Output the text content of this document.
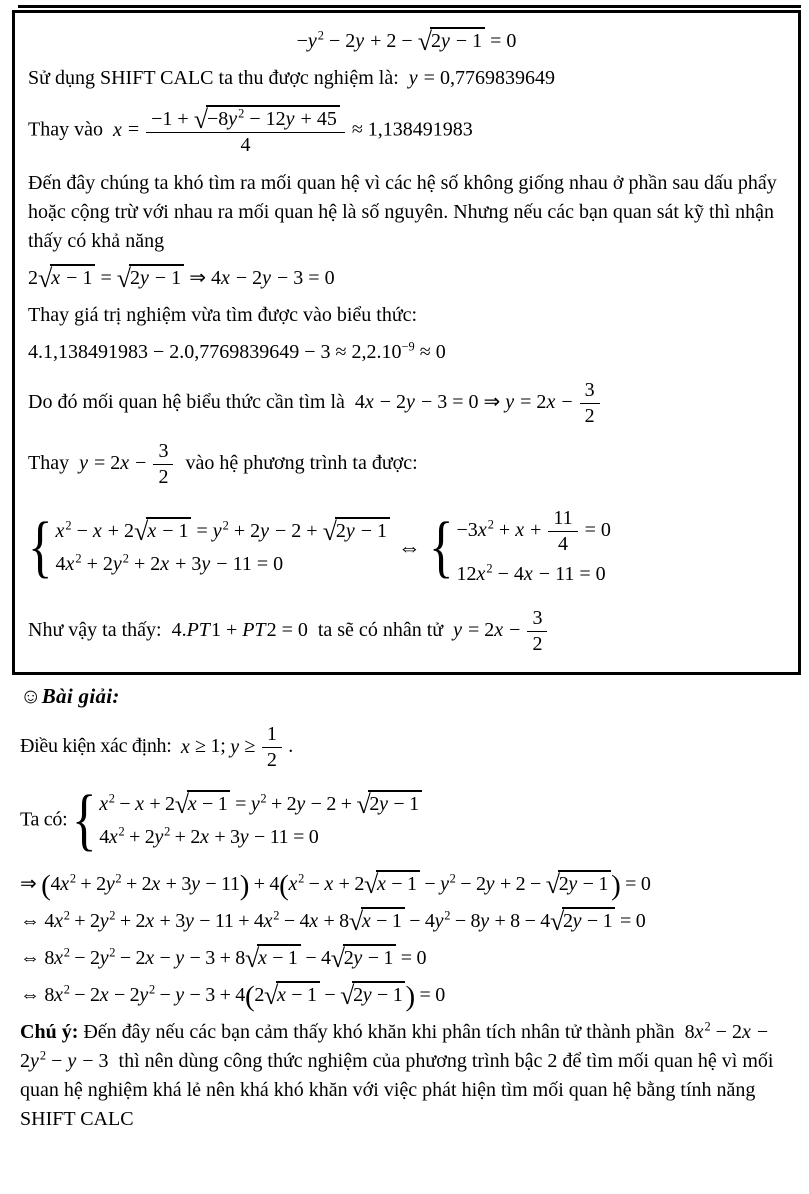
$-y^2 - 2y + 2 - √2y - 1 = 0$
Sử dụng SHIFT CALC ta thu được nghiệm là:  y = 0,7769839649
Thay vào  $x = \frac{-1 + √-8y^2 - 12y + 45}{4} \approx 1,138491983$
Đến đây chúng ta khó tìm ra mối quan hệ vì các hệ số không giống nhau ở phần sau dấu phẩy hoặc cộng trừ với nhau ra mối quan hệ là số nguyên. Nhưng nếu các bạn quan sát kỹ thì nhận thấy có khả năng
2√x − 1 = √2y − 1 ⇒ 4x − 2y − 3 = 0
Thay giá trị nghiệm vừa tìm được vào biểu thức:
$4.1,138491983 - 2.0,7769839649 - 3 \approx 2,2.10^{-9} \approx 0$
Do đó mối quan hệ biểu thức cần tìm là  4x − 2y − 3 = 0 ⇒ $y = 2x - \frac{3}{2}$
Thay  $y = 2x - \frac{3}{2}$ vào hệ phương trình ta được:
{ $x^2 - x + 2√x - 1 = y^2 + 2y - 2 + √2y - 1$
$4x^2 + 2y^2 + 2x + 3y - 11 = 0$
⇔ { $-3x^2 + x + \frac{11}{4} = 0$
$12x^2 - 4x - 11 = 0$
Như vậy ta thấy:  4.PT1 + PT2 = 0  ta sẽ có nhân tử  $y = 2x - \frac{3}{2}$
☺Bài giải:
Điều kiện xác định:  x ≥ 1; $y \ge \frac{1}{2}$ .
Ta có: { $x^2 - x + 2√x - 1 = y^2 + 2y - 2 + √2y - 1$
$4x^2 + 2y^2 + 2x + 3y - 11 = 0$
⇒ $(4x^2 + 2y^2 + 2x + 3y - 11) + 4(x^2 - x + 2√x - 1 - y^2 - 2y + 2 - √2y - 1$ ) = 0
⇔ $4x^2 + 2y^2 + 2x + 3y - 11 + 4x^2 - 4x + 8√x - 1 - 4y^2 - 8y + 8 - 4√2y - 1 = 0$
⇔ $8x^2 - 2y^2 - 2x - y - 3 + 8√x - 1 - 4√2y - 1 = 0$
⇔ $8x^2 - 2x - 2y^2 - y - 3 + 4(2√x - 1 - √2y - 1$ ) = 0
Chú ý: Đến đây nếu các bạn cảm thấy khó khăn khi phân tích nhân tử thành phần  $8x^2 - 2x - 2y^2 - y - 3$  thì nên dùng công thức nghiệm của phương trình bậc 2 để tìm mối quan hệ vì mối quan hệ nghiệm khá lẻ nên khá khó khăn với việc phát hiện tìm mối quan hệ bằng tính năng SHIFT CALC
